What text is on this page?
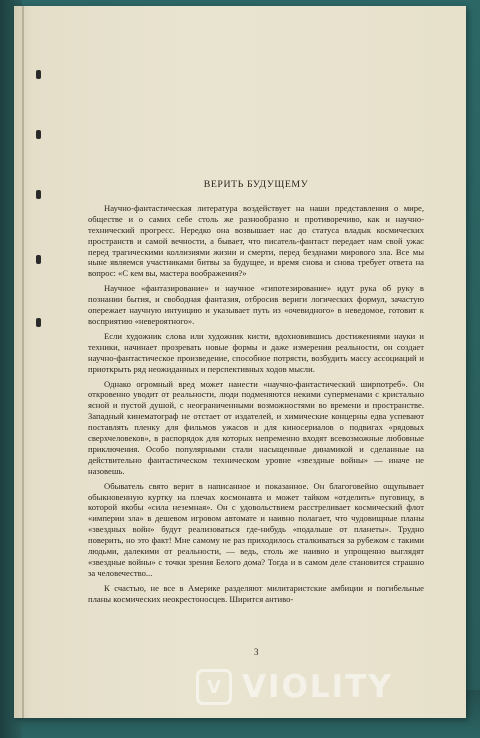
ВЕРИТЬ БУДУЩЕМУ

Научно-фантастическая литература воздействует на наши представления о мире, обществе и о самих себе столь же разнообразно и противоречиво, как и научно-технический прогресс. Нередко она возвышает нас до статуса владык космических пространств и самой вечности, а бывает, что писатель-фантаст передает нам свой ужас перед трагическими коллизиями жизни и смерти, перед безднами мирового зла. Все мы ныне являемся участниками битвы за будущее, и время снова и снова требует ответа на вопрос: «С кем вы, мастера воображения?»

Научное «фантазирование» и научное «гипотезирование» идут рука об руку в познании бытия, и свободная фантазия, отбросив вериги логических формул, зачастую опережает научную интуицию и указывает путь из «очевидного» в неведомое, готовит к восприятию «невероятного».

Если художник слова или художник кисти, вдохновившись достижениями науки и техники, начинает прозревать новые формы и даже измерения реальности, он создает научно-фантастическое произведение, способное потрясти, возбудить массу ассоциаций и приоткрыть ряд неожиданных и перспективных ходов мысли.

Однако огромный вред может нанести «научно-фантастический ширпотреб». Он откровенно уводит от реальности, люди подменяются некими суперменами с кристально ясной и пустой душой, с неограниченными возможностями во времени и пространстве. Западный кинематограф не отстает от издателей, и химические концерны едва успевают поставлять пленку для фильмов ужасов и для киносериалов о подвигах «рядовых сверхчеловеков», в распорядок для которых непременно входят всевозможные любовные приключения. Особо популярными стали насыщенные динамикой и сделанные на действительно фантастическом техническом уровне «звездные войны» — иначе не назовешь.

Обыватель свято верит в написанное и показанное. Он благоговейно ощупывает обыкновенную куртку на плечах космонавта и может тайком «отделить» пуговицу, в которой якобы «сила неземная». Он с удовольствием расстреливает космический флот «империи зла» в дешевом игровом автомате и наивно полагает, что чудовищные планы «звездных войн» будут реализоваться где-нибудь «подальше от планеты». Трудно поверить, но это факт! Мне самому не раз приходилось сталкиваться за рубежом с такими людьми, далекими от реальности, — ведь, столь же наивно и упрощенно выглядят «звездные войны» с точки зрения Белого дома? Тогда и в самом деле становится страшно за человечество...

К счастью, не все в Америке разделяют милитаристские амбиции и погибельные планы космических неокрестоносцев. Ширится антиво-

3
V VIOLITY
